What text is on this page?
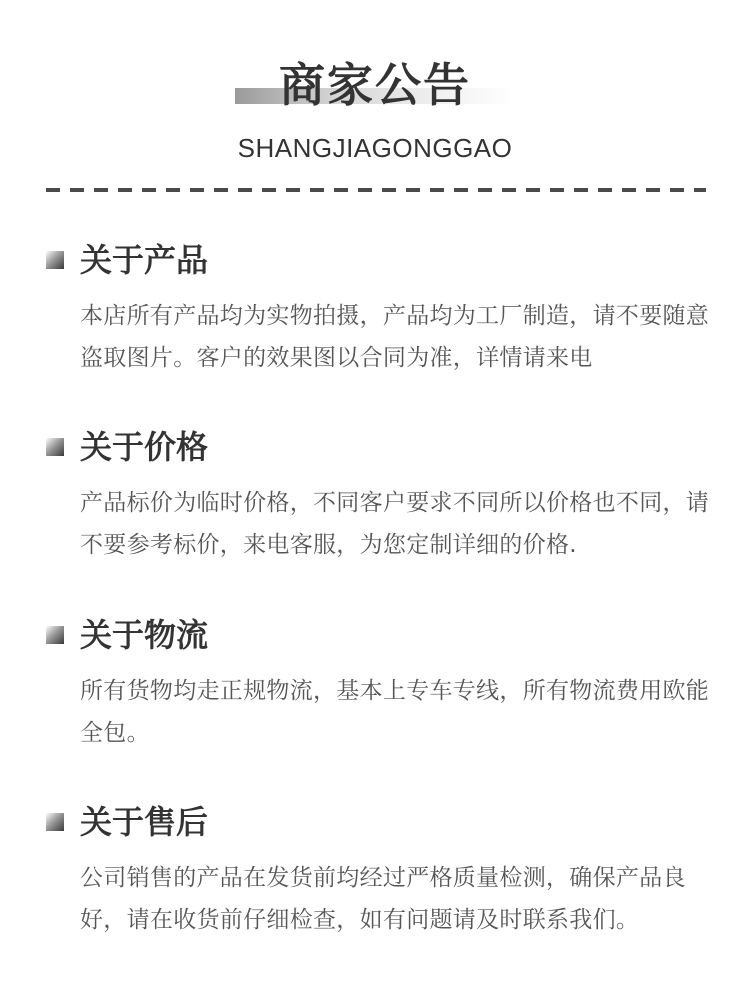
商家公告
SHANGJIAGONGGAO
关于产品

本店所有产品均为实物拍摄，产品均为工厂制造，请不要随意盗取图片。客户的效果图以合同为准，详情请来电

关于价格

产品标价为临时价格，不同客户要求不同所以价格也不同，请不要参考标价，来电客服，为您定制详细的价格.

关于物流

所有货物均走正规物流，基本上专车专线，所有物流费用欧能全包。

关于售后

公司销售的产品在发货前均经过严格质量检测，确保产品良好，请在收货前仔细检查，如有问题请及时联系我们。
